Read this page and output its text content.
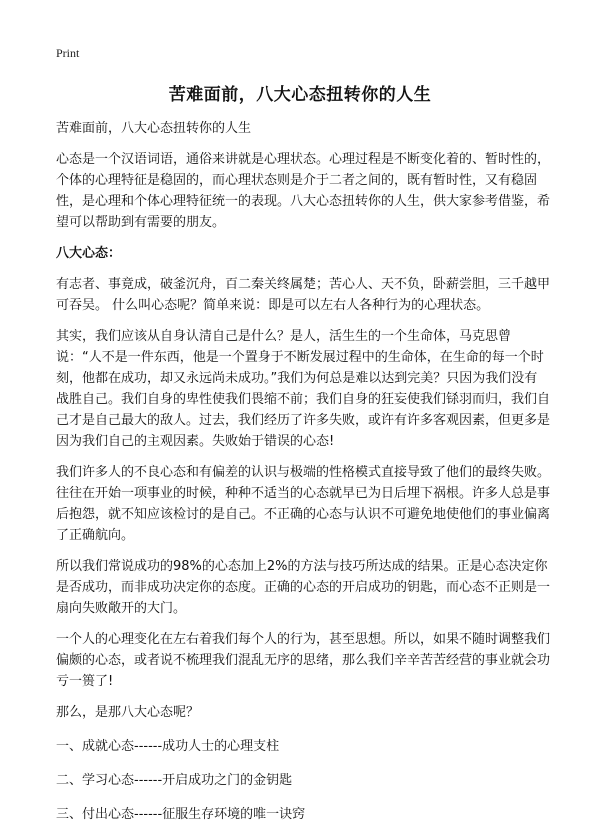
Print
苦难面前，八大心态扭转你的人生

苦难面前，八大心态扭转你的人生

心态是一个汉语词语，通俗来讲就是心理状态。心理过程是不断变化着的、暂时性的，个体的心理特征是稳固的，而心理状态则是介于二者之间的，既有暂时性，又有稳固性，是心理和个体心理特征统一的表现。八大心态扭转你的人生，供大家参考借鉴，希望可以帮助到有需要的朋友。

八大心态：

有志者、事竟成，破釜沉舟，百二秦关终属楚；苦心人、天不负，卧薪尝胆，三千越甲可吞吴。 什么叫心态呢？简单来说：即是可以左右人各种行为的心理状态。

其实，我们应该从自身认清自己是什么？是人，活生生的一个生命体，马克思曾说：“人不是一件东西，他是一个置身于不断发展过程中的生命体，在生命的每一个时刻，他都在成功，却又永远尚未成功。”我们为何总是难以达到完美？只因为我们没有战胜自己。我们自身的卑性使我们畏缩不前；我们自身的狂妄使我们铩羽而归，我们自己才是自己最大的敌人。过去，我们经历了许多失败，或许有许多客观因素，但更多是因为我们自己的主观因素。失败始于错误的心态!

我们许多人的不良心态和有偏差的认识与极端的性格模式直接导致了他们的最终失败。往往在开始一项事业的时候，种种不适当的心态就早已为日后埋下祸根。许多人总是事后抱怨，就不知应该检讨的是自己。不正确的心态与认识不可避免地使他们的事业偏离了正确航向。

所以我们常说成功的98%的心态加上2%的方法与技巧所达成的结果。正是心态决定你是否成功，而非成功决定你的态度。正确的心态的开启成功的钥匙，而心态不正则是一扇向失败敞开的大门。

一个人的心理变化在左右着我们每个人的行为，甚至思想。所以，如果不随时调整我们偏颇的心态，或者说不梳理我们混乱无序的思绪，那么我们辛辛苦苦经营的事业就会功亏一篑了!

那么，是那八大心态呢？

一、成就心态------成功人士的心理支柱

二、学习心态------开启成功之门的金钥匙

三、付出心态------征服生存环境的唯一诀窍
